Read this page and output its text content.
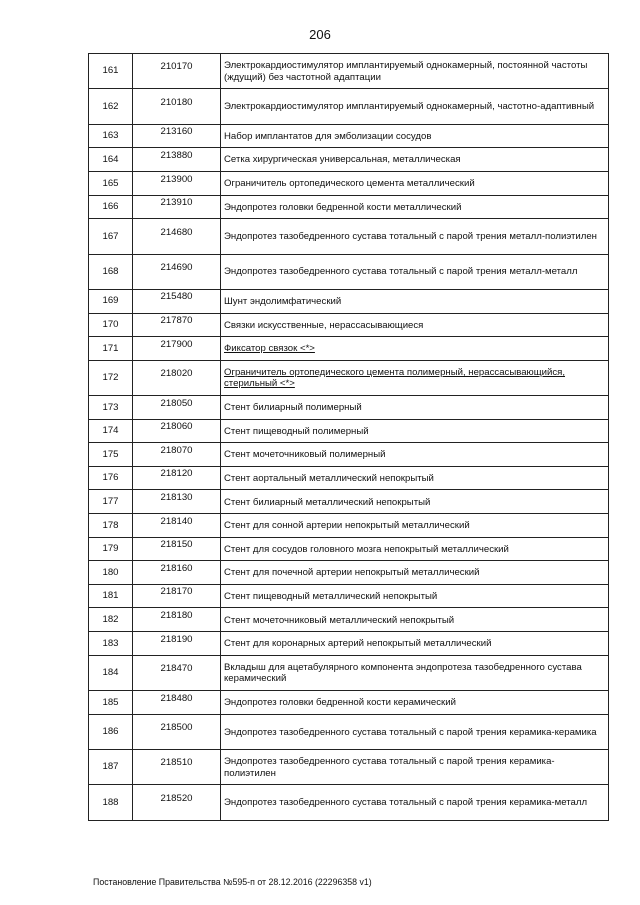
206
161	210170	Электрокардиостимулятор имплантируемый однокамерный, постоянной частоты (ждущий) без частотной адаптации
162	210180	Электрокардиостимулятор имплантируемый однокамерный, частотно-адаптивный
163	213160	Набор имплантатов для эмболизации сосудов
164	213880	Сетка хирургическая универсальная, металлическая
165	213900	Ограничитель ортопедического цемента металлический
166	213910	Эндопротез головки бедренной кости металлический
167	214680	Эндопротез тазобедренного сустава тотальный с парой трения металл-полиэтилен
168	214690	Эндопротез тазобедренного сустава тотальный с парой трения металл-металл
169	215480	Шунт эндолимфатический
170	217870	Связки искусственные, нерассасывающиеся
171	217900	Фиксатор связок <*>
172	218020	Ограничитель ортопедического цемента полимерный, нерассасывающийся, стерильный <*>
173	218050	Стент билиарный полимерный
174	218060	Стент пищеводный полимерный
175	218070	Стент мочеточниковый полимерный
176	218120	Стент аортальный металлический непокрытый
177	218130	Стент билиарный металлический непокрытый
178	218140	Стент для сонной артерии непокрытый металлический
179	218150	Стент для сосудов головного мозга непокрытый металлический
180	218160	Стент для почечной артерии непокрытый металлический
181	218170	Стент пищеводный металлический непокрытый
182	218180	Стент мочеточниковый металлический непокрытый
183	218190	Стент для коронарных артерий непокрытый металлический
184	218470	Вкладыш для ацетабулярного компонента эндопротеза тазобедренного сустава керамический
185	218480	Эндопротез головки бедренной кости керамический
186	218500	Эндопротез тазобедренного сустава тотальный с парой трения керамика-керамика
187	218510	Эндопротез тазобедренного сустава тотальный с парой трения керамика-полиэтилен
188	218520	Эндопротез тазобедренного сустава тотальный с парой трения керамика-металл
Постановление Правительства №595-п от 28.12.2016 (22296358 v1)
